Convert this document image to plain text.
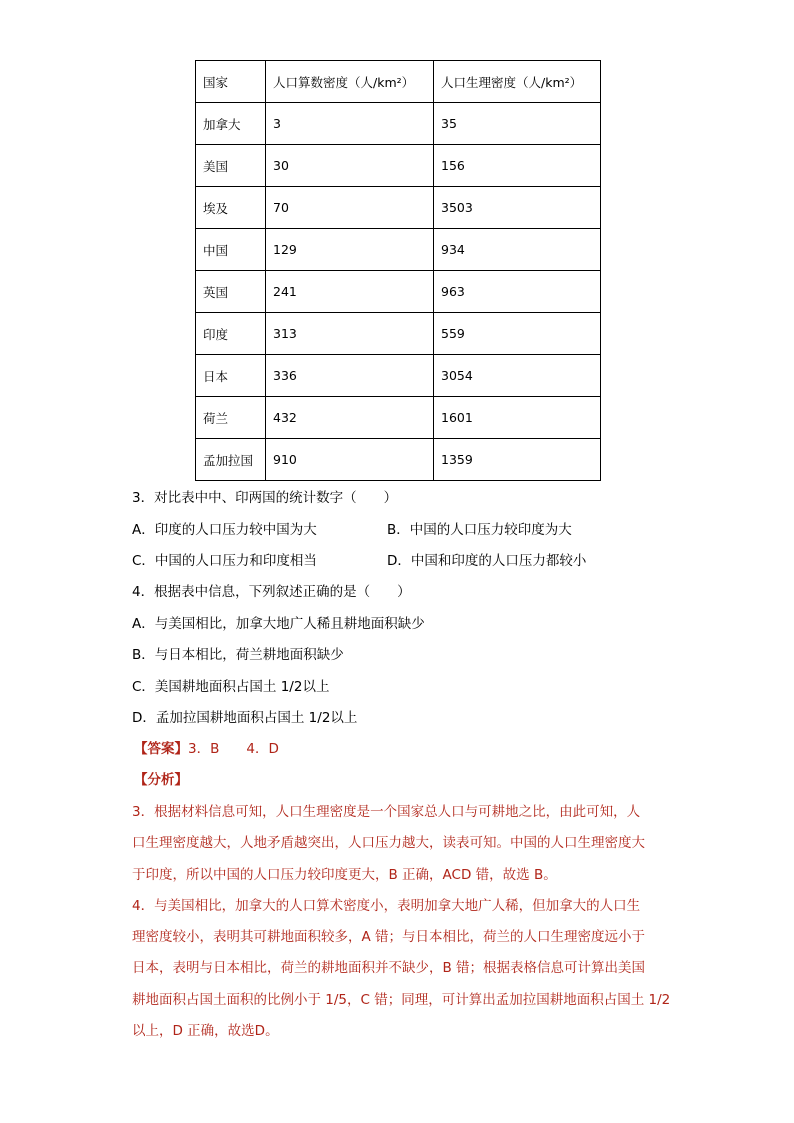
国家	人口算数密度（人/km²）	人口生理密度（人/km²）
加拿大	3	35
美国	30	156
埃及	70	3503
中国	129	934
英国	241	963
印度	313	559
日本	336	3054
荷兰	432	1601
孟加拉国	910	1359
3．对比表中中、印两国的统计数字（　　）
A．印度的人口压力较中国为大	B．中国的人口压力较印度为大
C．中国的人口压力和印度相当	D．中国和印度的人口压力都较小
4．根据表中信息，下列叙述正确的是（　　）
A．与美国相比，加拿大地广人稀且耕地面积缺少
B．与日本相比，荷兰耕地面积缺少
C．美国耕地面积占国土 1/2以上
D．孟加拉国耕地面积占国土 1/2以上
【答案】3．B　　4．D
【分析】
3．根据材料信息可知，人口生理密度是一个国家总人口与可耕地之比，由此可知，人
口生理密度越大，人地矛盾越突出，人口压力越大，读表可知。中国的人口生理密度大
于印度，所以中国的人口压力较印度更大，B 正确，ACD 错，故选 B。
4．与美国相比，加拿大的人口算术密度小，表明加拿大地广人稀，但加拿大的人口生
理密度较小，表明其可耕地面积较多，A 错；与日本相比，荷兰的人口生理密度远小于
日本，表明与日本相比，荷兰的耕地面积并不缺少，B 错；根据表格信息可计算出美国
耕地面积占国土面积的比例小于 1/5，C 错；同理，可计算出孟加拉国耕地面积占国土 1/2
以上，D 正确，故选D。
